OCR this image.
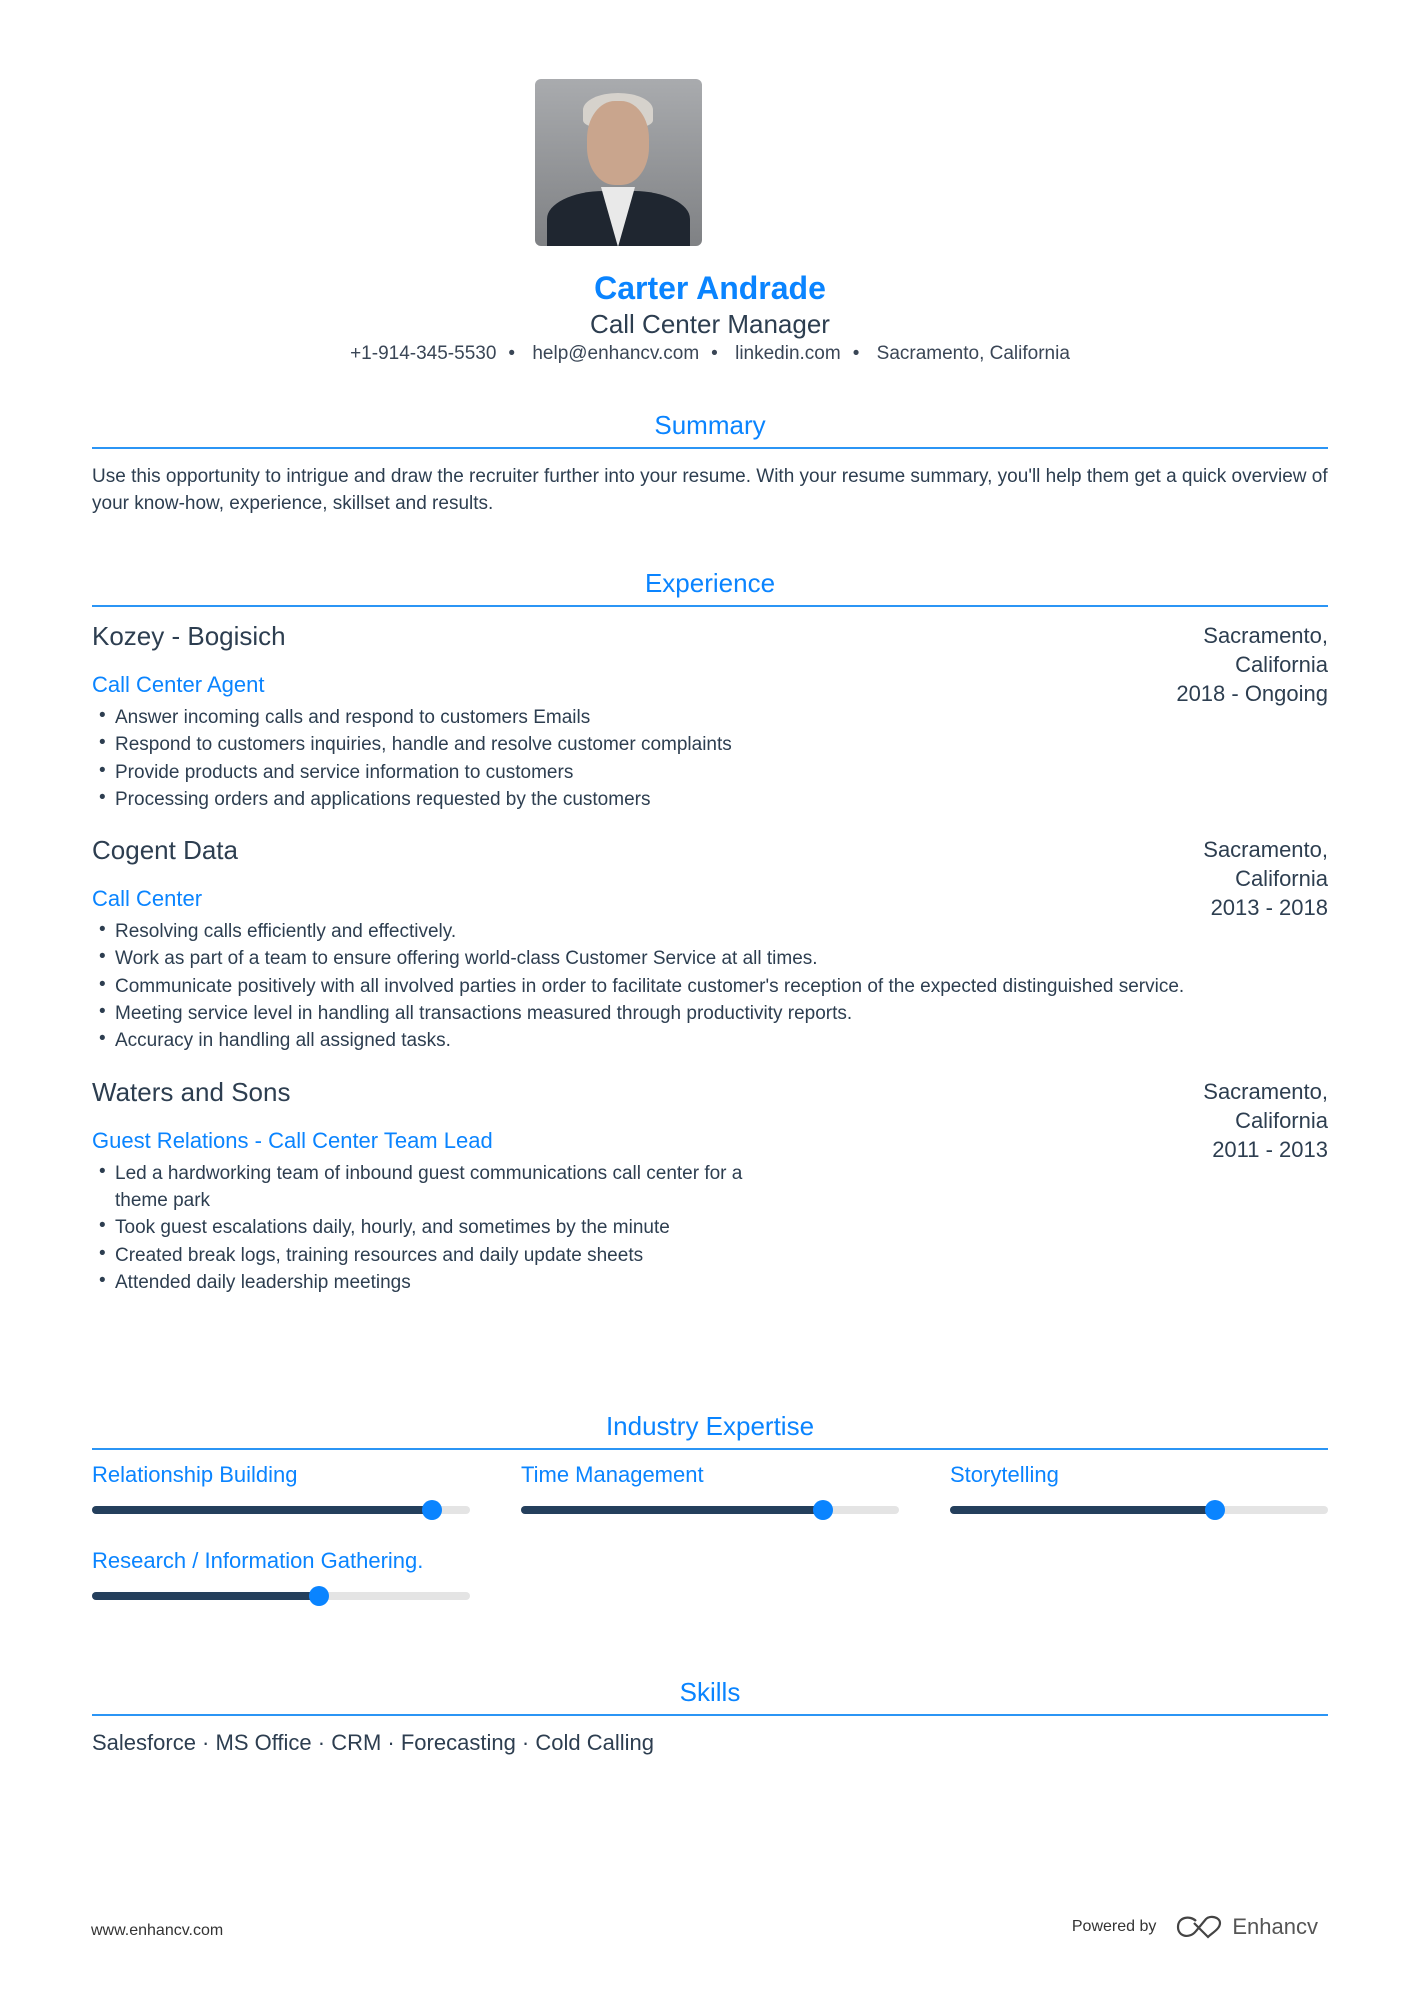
Carter Andrade
Call Center Manager
+1-914-345-5530 • help@enhancv.com • linkedin.com • Sacramento, California
Summary

Use this opportunity to intrigue and draw the recruiter further into your resume. With your resume summary, you'll help them get a quick overview of your know-how, experience, skillset and results.

Experience
Kozey - Bogisich	Sacramento, California
2018 - Ongoing
Call Center Agent
• Answer incoming calls and respond to customers Emails
• Respond to customers inquiries, handle and resolve customer complaints
• Provide products and service information to customers
• Processing orders and applications requested by the customers
Cogent Data	Sacramento, California
2013 - 2018
Call Center
• Resolving calls efficiently and effectively.
• Work as part of a team to ensure offering world-class Customer Service at all times.
• Communicate positively with all involved parties in order to facilitate customer's reception of the expected distinguished service.
• Meeting service level in handling all transactions measured through productivity reports.
• Accuracy in handling all assigned tasks.
Waters and Sons	Sacramento, California
2011 - 2013
Guest Relations - Call Center Team Lead
• Led a hardworking team of inbound guest communications call center for a theme park
• Took guest escalations daily, hourly, and sometimes by the minute
• Created break logs, training resources and daily update sheets
• Attended daily leadership meetings
Industry Expertise
Relationship Building	Time Management	Storytelling
Research / Information Gathering.
Skills
Salesforce · MS Office · CRM · Forecasting · Cold Calling
www.enhancv.com	Powered by	Enhancv
